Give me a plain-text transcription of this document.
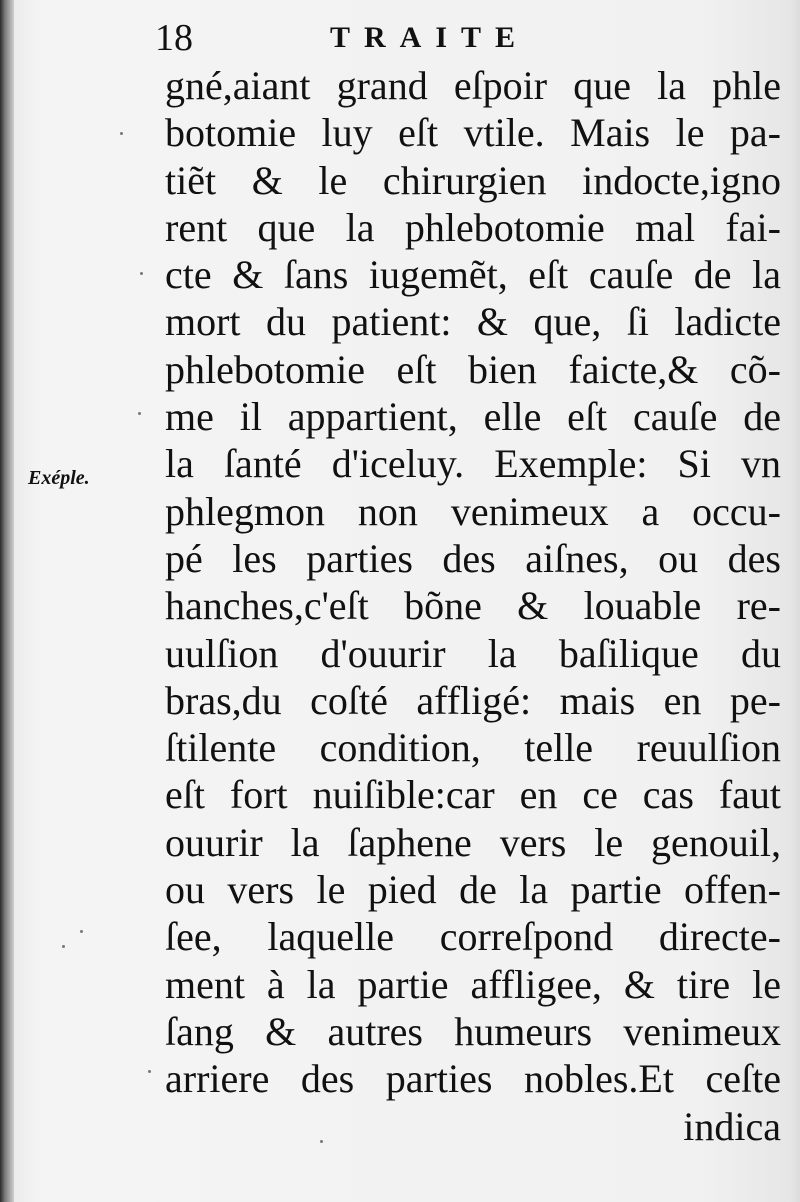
18	TRAITE
Exéple.
gné,aiant grand eſpoir que la phle
botomie luy eſt vtile. Mais le pa-
tiẽt & le chirurgien indocte,igno
rent que la phlebotomie mal fai-
cte & ſans iugemẽt, eſt cauſe de la
mort du patient: & que, ſi ladicte
phlebotomie eſt bien faicte,& cõ-
me il appartient, elle eſt cauſe de
la ſanté d'iceluy. Exemple: Si vn
phlegmon non venimeux a occu-
pé les parties des aiſnes, ou des
hanches,c'eſt bõne & louable re-
uulſion d'ouurir la baſilique du
bras,du coſté affligé: mais en pe-
ſtilente condition, telle reuulſion
eſt fort nuiſible:car en ce cas faut
ouurir la ſaphene vers le genouil,
ou vers le pied de la partie offen-
ſee, laquelle correſpond directe-
ment à la partie affligee, & tire le
ſang & autres humeurs venimeux
arriere des parties nobles.Et ceſte
indica
